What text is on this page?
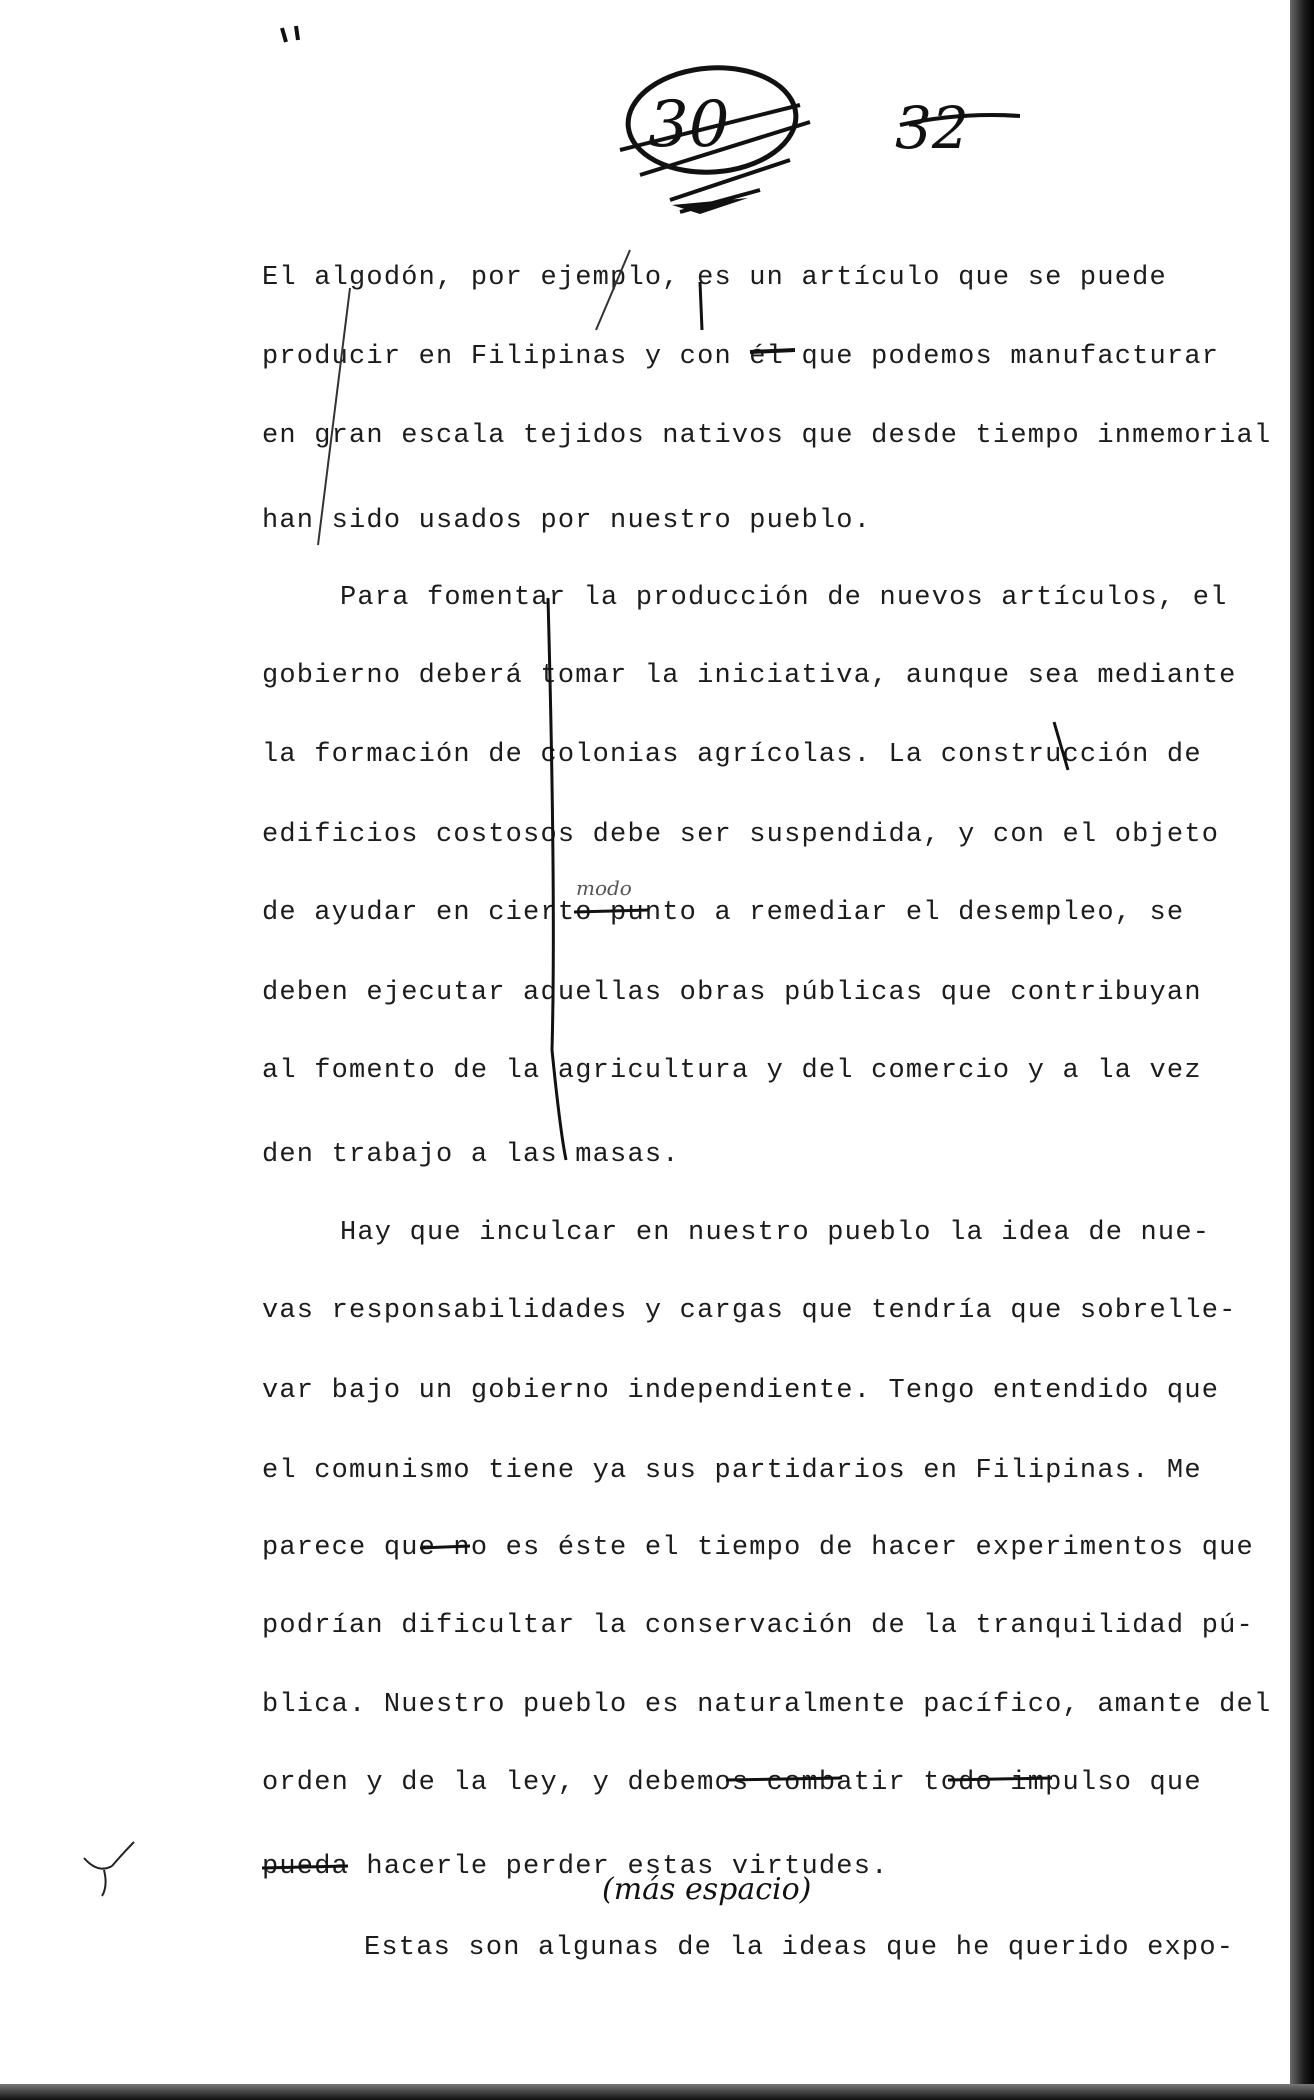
30	32
El algodón, por ejemplo, es un artículo que se puede
producir en Filipinas y con él que podemos manufacturar
en gran escala tejidos nativos que desde tiempo inmemorial
han sido usados por nuestro pueblo.
Para fomentar la producción de nuevos artículos, el
gobierno deberá tomar la iniciativa, aunque sea mediante
la formación de colonias agrícolas. La construcción de
edificios costosos debe ser suspendida, y con el objeto
de ayudar en cierto punto a remediar el desempleo, se
deben ejecutar aquellas obras públicas que contribuyan
al fomento de la agricultura y del comercio y a la vez
den trabajo a las masas.
Hay que inculcar en nuestro pueblo la idea de nue-
vas responsabilidades y cargas que tendría que sobrelle-
var bajo un gobierno independiente. Tengo entendido que
el comunismo tiene ya sus partidarios en Filipinas. Me
parece que no es éste el tiempo de hacer experimentos que
podrían dificultar la conservación de la tranquilidad pú-
blica. Nuestro pueblo es naturalmente pacífico, amante del
orden y de la ley, y debemos combatir todo impulso que
pueda hacerle perder estas virtudes.
Estas son algunas de la ideas que he querido expo-
modo
(más espacio)
